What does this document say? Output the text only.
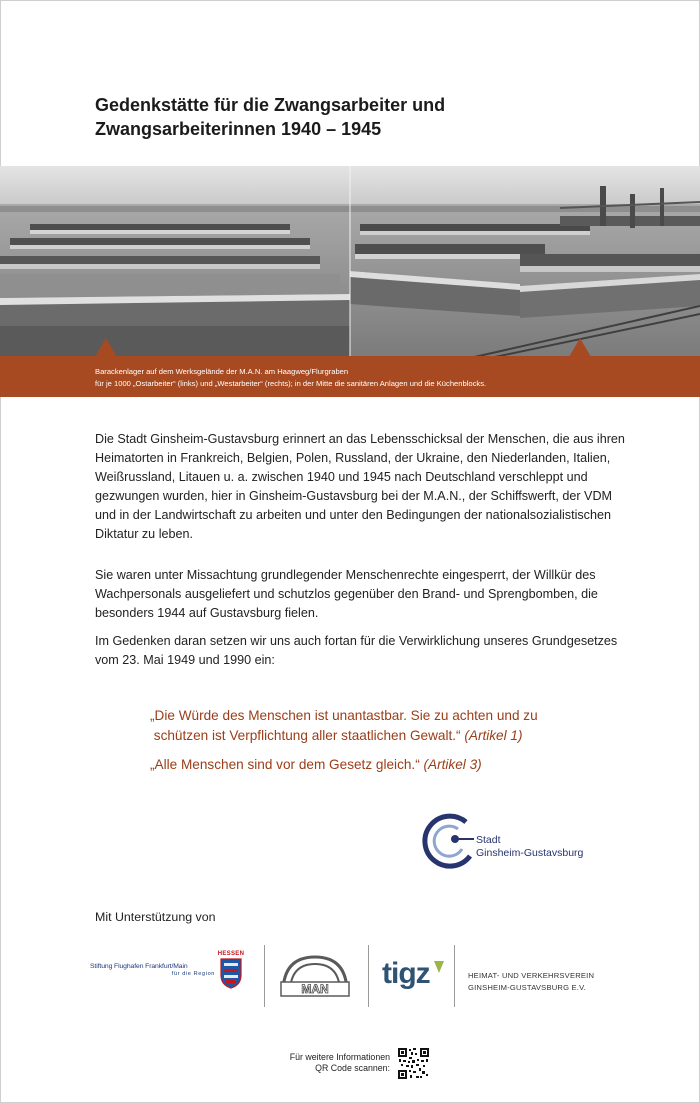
Gedenkstätte für die Zwangsarbeiter und
Zwangsarbeiterinnen 1940 – 1945
Barackenlager auf dem Werksgelände der M.A.N. am Haagweg/Flurgraben
für je 1000 „Ostarbeiter“ (links) und „Westarbeiter“ (rechts); in der Mitte die sanitären Anlagen und die Küchenblocks.
Die Stadt Ginsheim-Gustavsburg erinnert an das Lebensschicksal der Menschen, die aus ihren Heimatorten in Frankreich, Belgien, Polen, Russland, der Ukraine, den Niederlanden, Italien, Weißrussland, Litauen u. a. zwischen 1940 und 1945 nach Deutschland verschleppt und gezwungen wurden, hier in Ginsheim-Gustavsburg bei der M.A.N., der Schiffswerft, der VDM und in der Landwirtschaft zu arbeiten und unter den Bedingungen der nationalsozialistischen Diktatur zu leben.
Sie waren unter Missachtung grundlegender Menschenrechte eingesperrt, der Willkür des Wachpersonals ausgeliefert und schutzlos gegenüber den Brand- und Sprengbomben, die besonders 1944 auf Gustavsburg fielen.
Im Gedenken daran setzen wir uns auch fortan für die Verwirklichung unseres Grundgesetzes vom 23. Mai 1949 und 1990 ein:
„Die Würde des Menschen ist unantastbar. Sie zu achten und zu
schützen ist Verpflichtung aller staatlichen Gewalt.“ (Artikel 1)
„Alle Menschen sind vor dem Gesetz gleich.“ (Artikel 3)
Stadt
Ginsheim-Gustavsburg
Mit Unterstützung von
Stiftung Flughafen Frankfurt/Main
für die Region
HESSEN
MAN tigz	HEIMAT- UND VERKEHRSVEREIN
GINSHEIM-GUSTAVSBURG E.V.
Für weitere Informationen
QR Code scannen:
